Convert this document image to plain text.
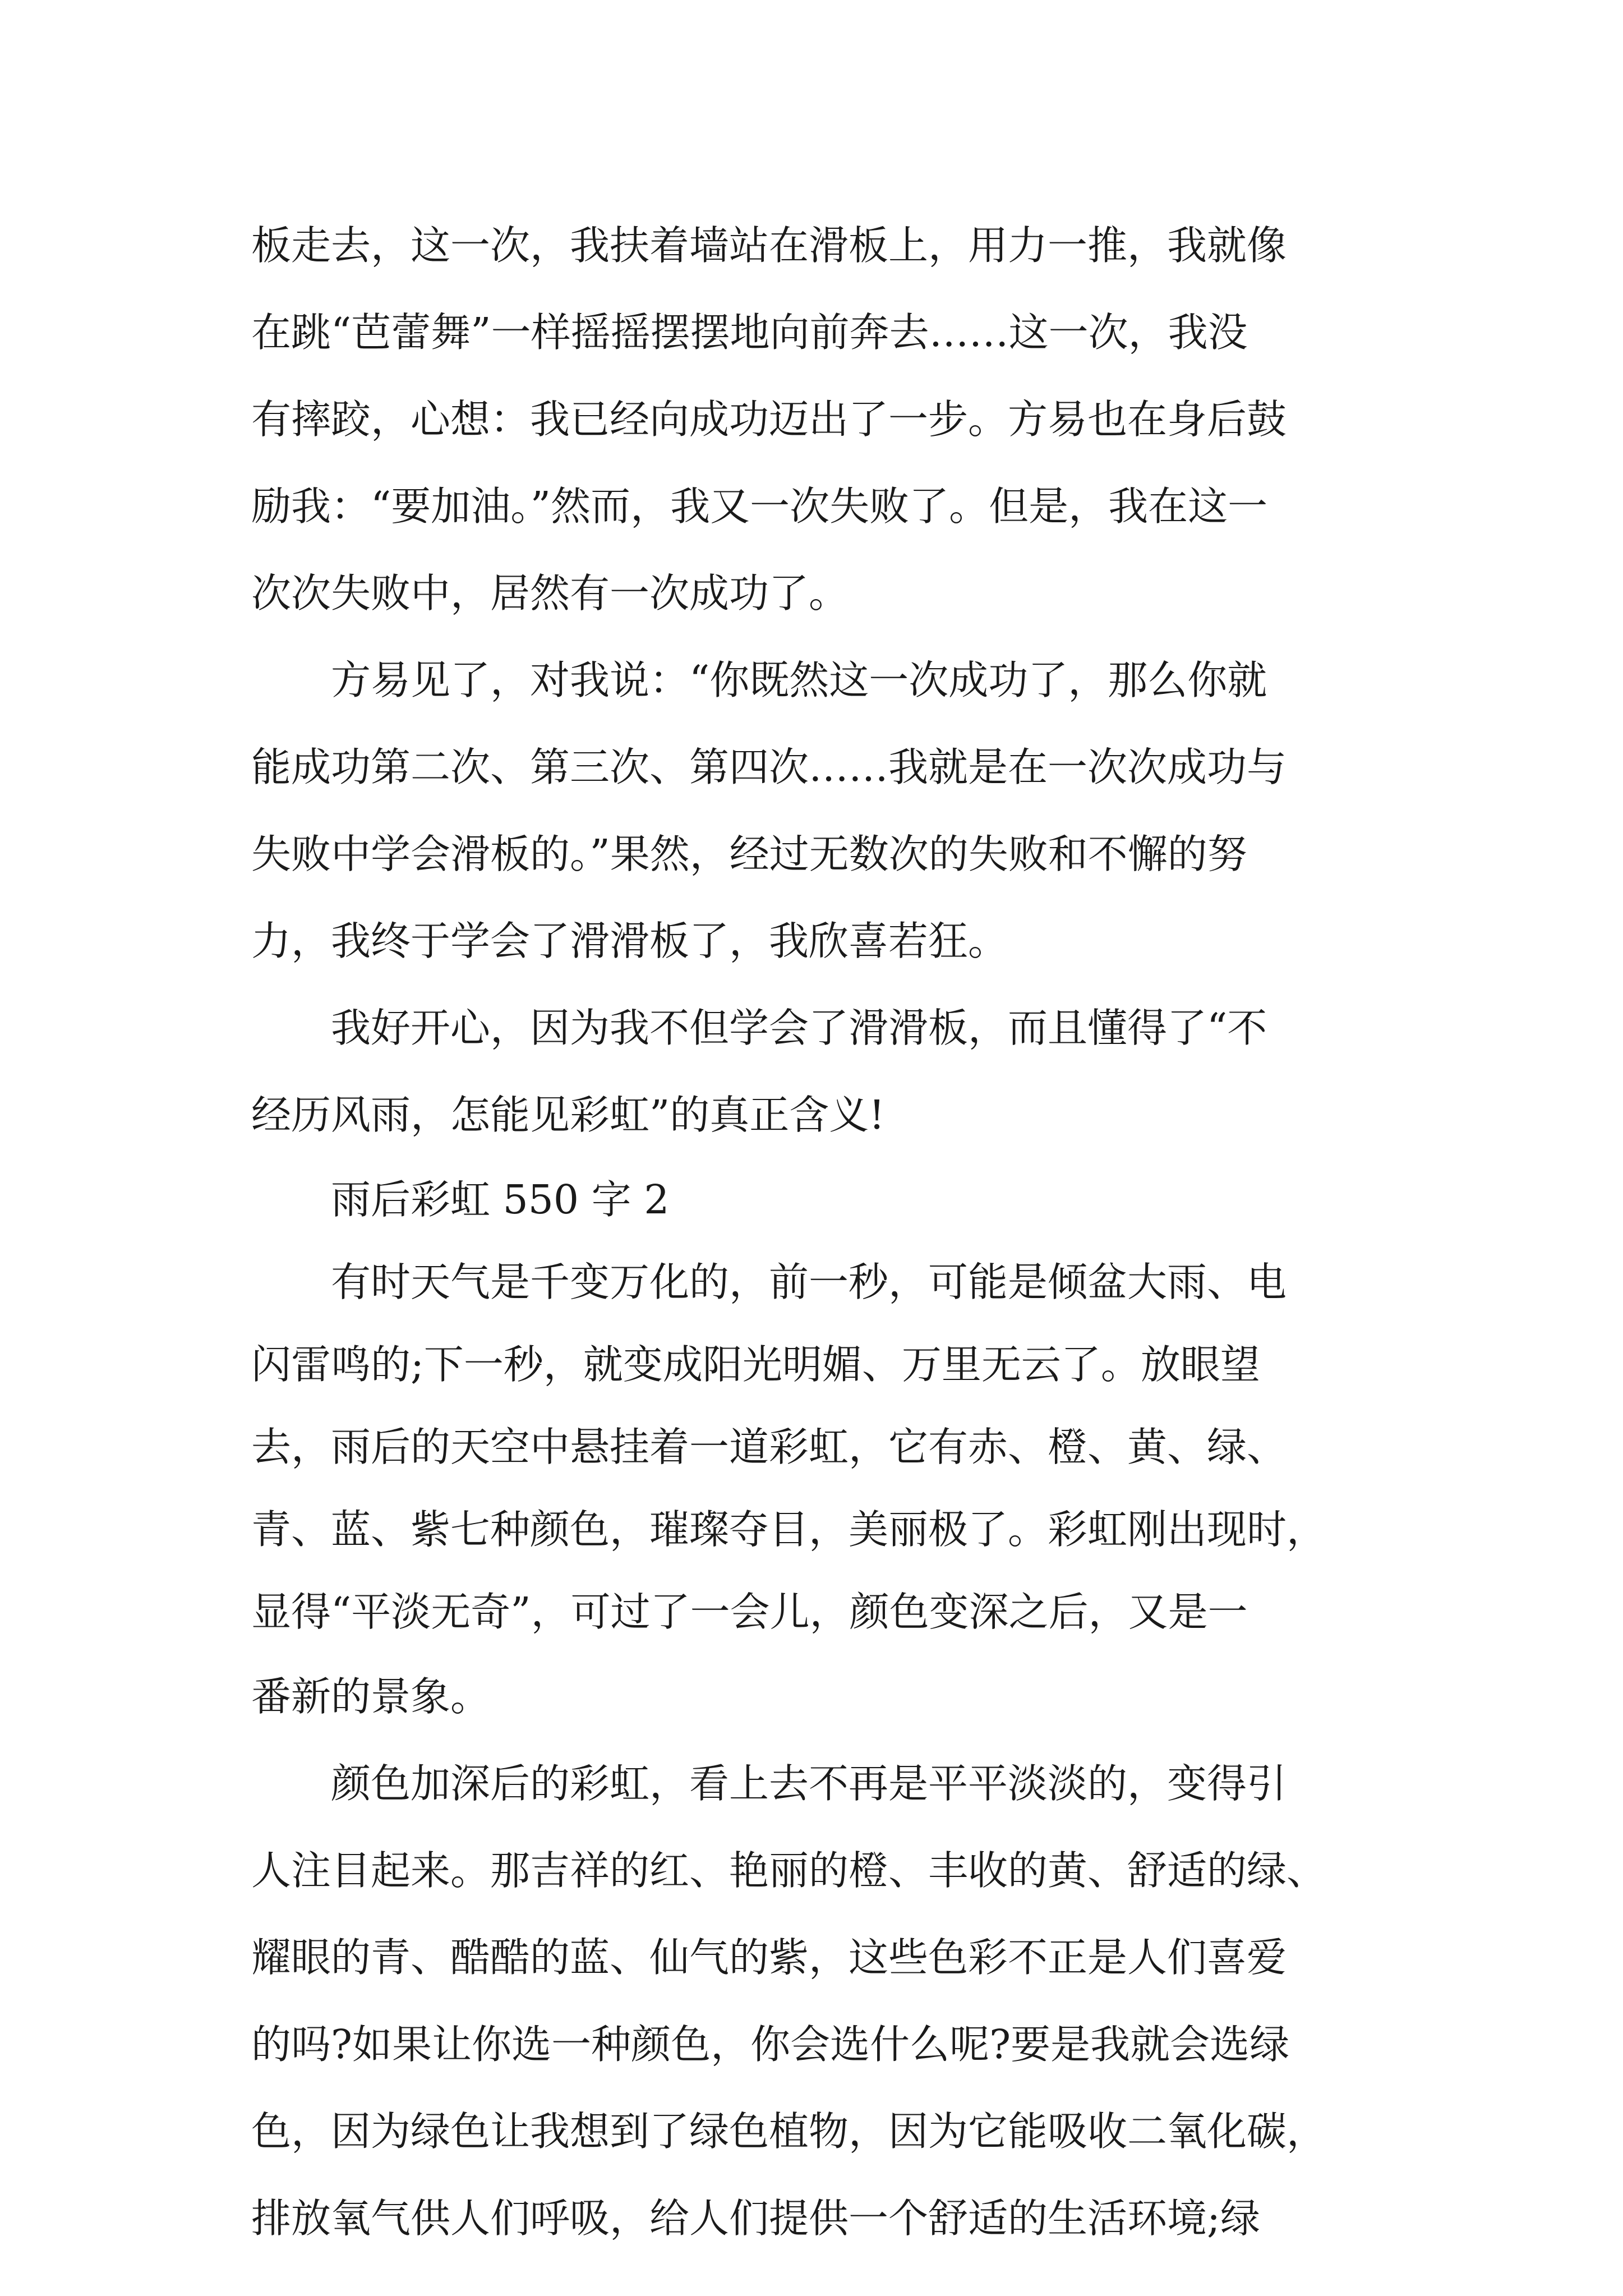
板走去，这一次，我扶着墙站在滑板上，用力一推，我就像
在跳“芭蕾舞”一样摇摇摆摆地向前奔去……这一次，我没
有摔跤，心想：我已经向成功迈出了一步。方易也在身后鼓
励我：“要加油。”然而，我又一次失败了。但是，我在这一
次次失败中，居然有一次成功了。
　　方易见了，对我说：“你既然这一次成功了，那么你就
能成功第二次、第三次、第四次……我就是在一次次成功与
失败中学会滑板的。”果然，经过无数次的失败和不懈的努
力，我终于学会了滑滑板了，我欣喜若狂。
　　我好开心，因为我不但学会了滑滑板，而且懂得了“不
经历风雨，怎能见彩虹”的真正含义!
　　雨后彩虹 550 字 2
　　有时天气是千变万化的，前一秒，可能是倾盆大雨、电
闪雷鸣的;下一秒，就变成阳光明媚、万里无云了。放眼望
去，雨后的天空中悬挂着一道彩虹，它有赤、橙、黄、绿、
青、蓝、紫七种颜色，璀璨夺目，美丽极了。彩虹刚出现时，
显得“平淡无奇”，可过了一会儿，颜色变深之后，又是一
番新的景象。
　　颜色加深后的彩虹，看上去不再是平平淡淡的，变得引
人注目起来。那吉祥的红、艳丽的橙、丰收的黄、舒适的绿、
耀眼的青、酷酷的蓝、仙气的紫，这些色彩不正是人们喜爱
的吗?如果让你选一种颜色，你会选什么呢?要是我就会选绿
色，因为绿色让我想到了绿色植物，因为它能吸收二氧化碳，
排放氧气供人们呼吸，给人们提供一个舒适的生活环境;绿
